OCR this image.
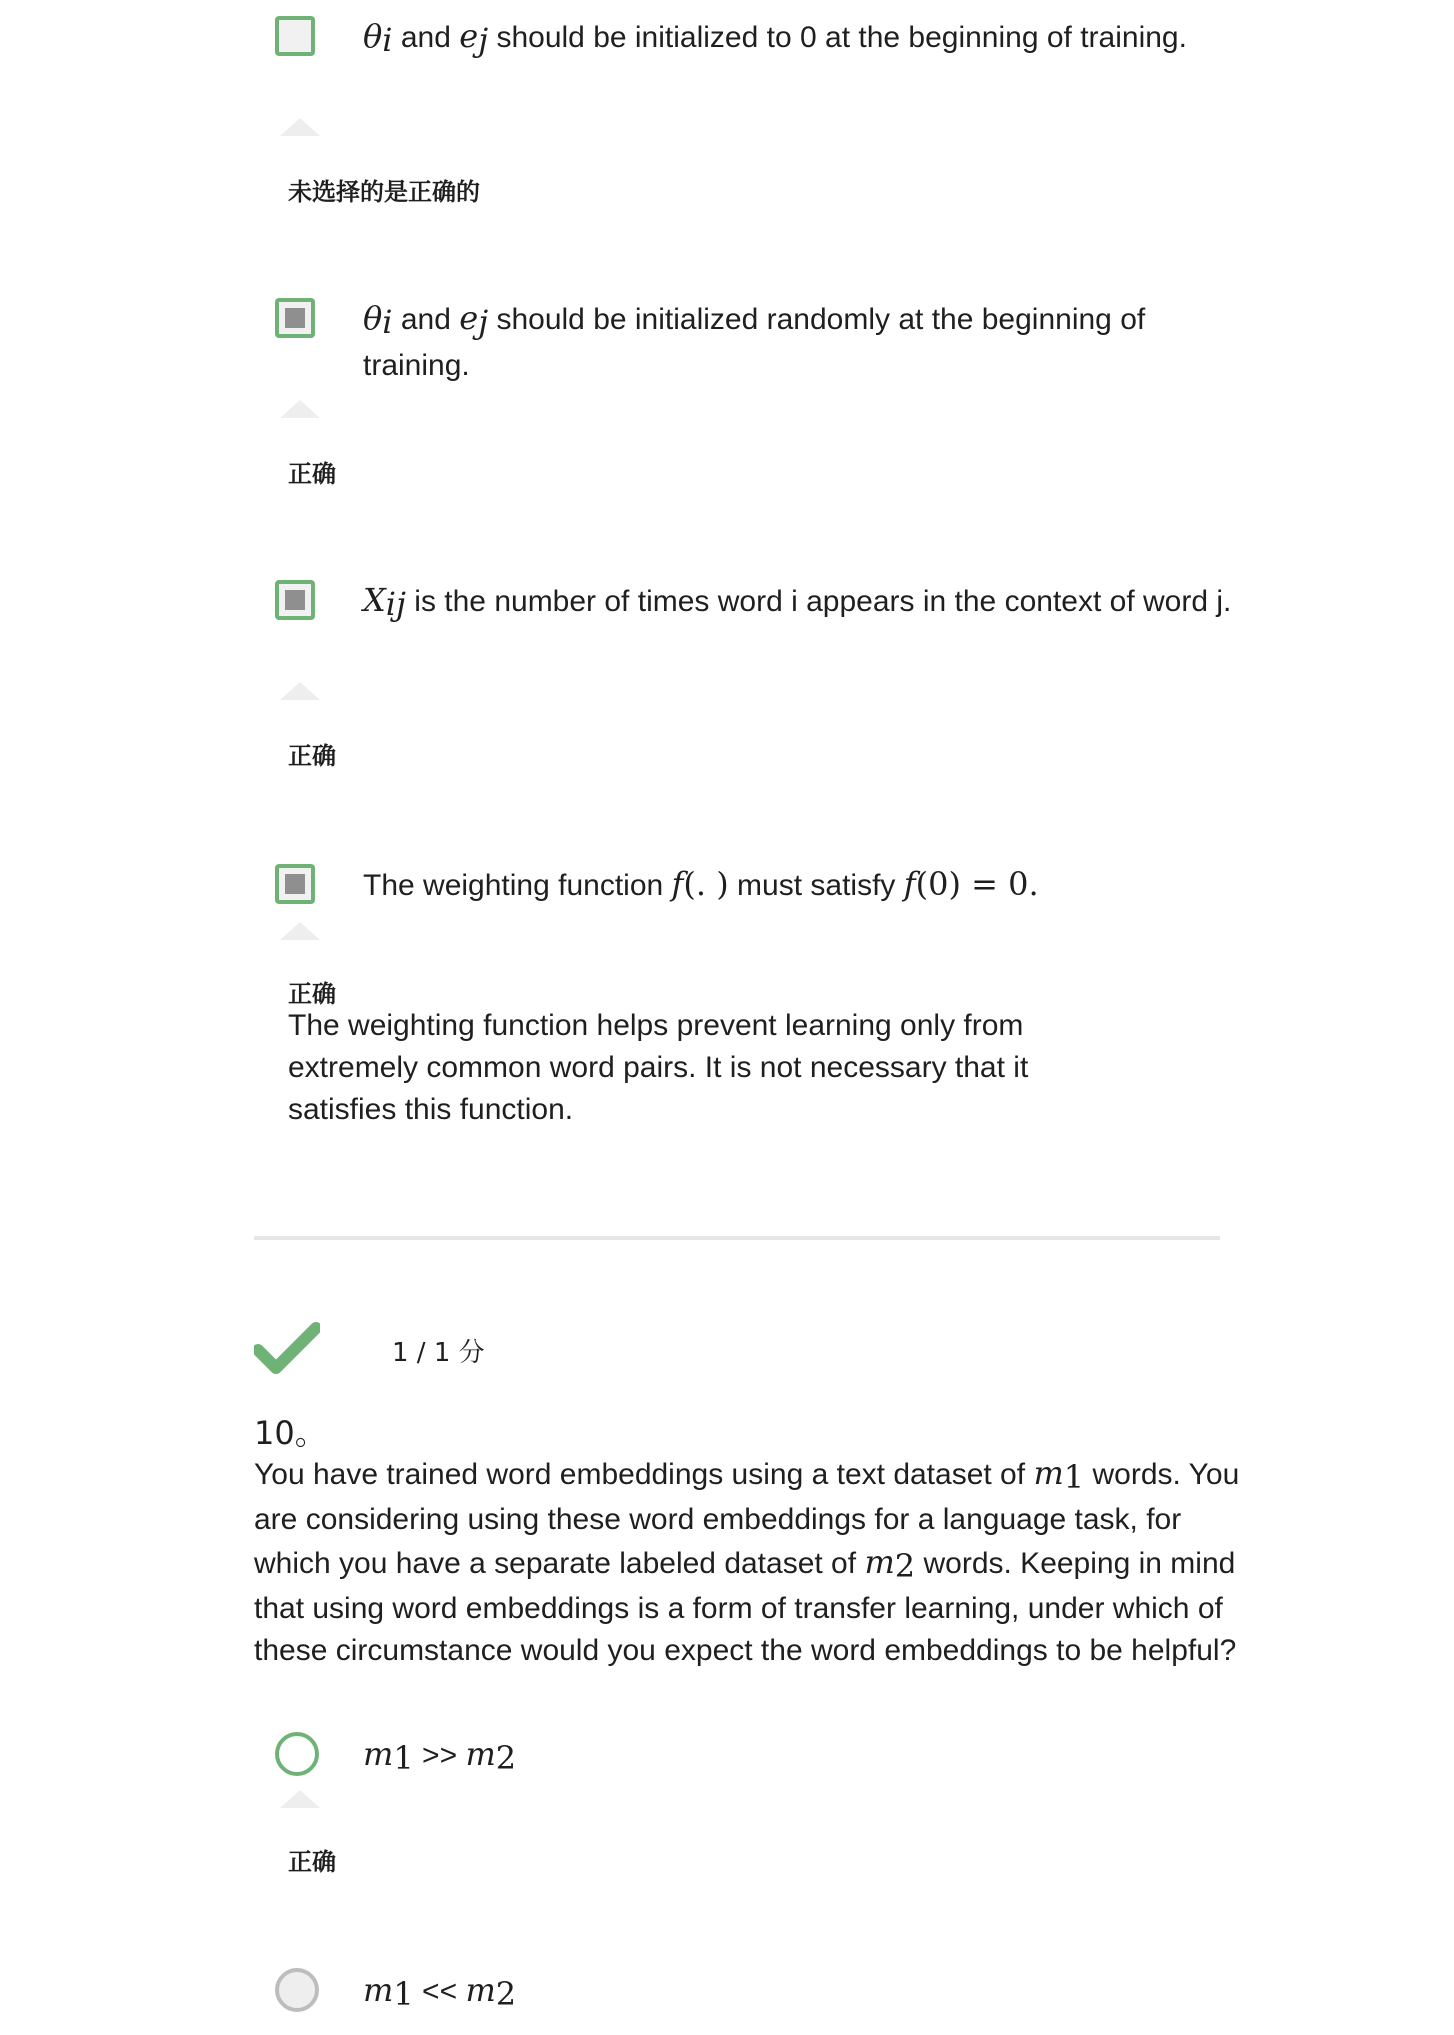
$\theta_i$ and $e_j$ should be initialized to 0 at the beginning of training.
未选择的是正确的
$\theta_i$ and $e_j$ should be initialized randomly at the beginning of training.
正确
$X_{ij}$ is the number of times word i appears in the context of word j.
正确
The weighting function f(. ) must satisfy f(0) = 0.
正确
The weighting function helps prevent learning only from extremely common word pairs. It is not necessary that it satisfies this function.
1 / 1 分
10。
You have trained word embeddings using a text dataset of $m_1$ words. You are considering using these word embeddings for a language task, for which you have a separate labeled dataset of $m_2$ words. Keeping in mind that using word embeddings is a form of transfer learning, under which of these circumstance would you expect the word embeddings to be helpful?
$m_1 >> m_2$
正确
$m_1 << m_2$
